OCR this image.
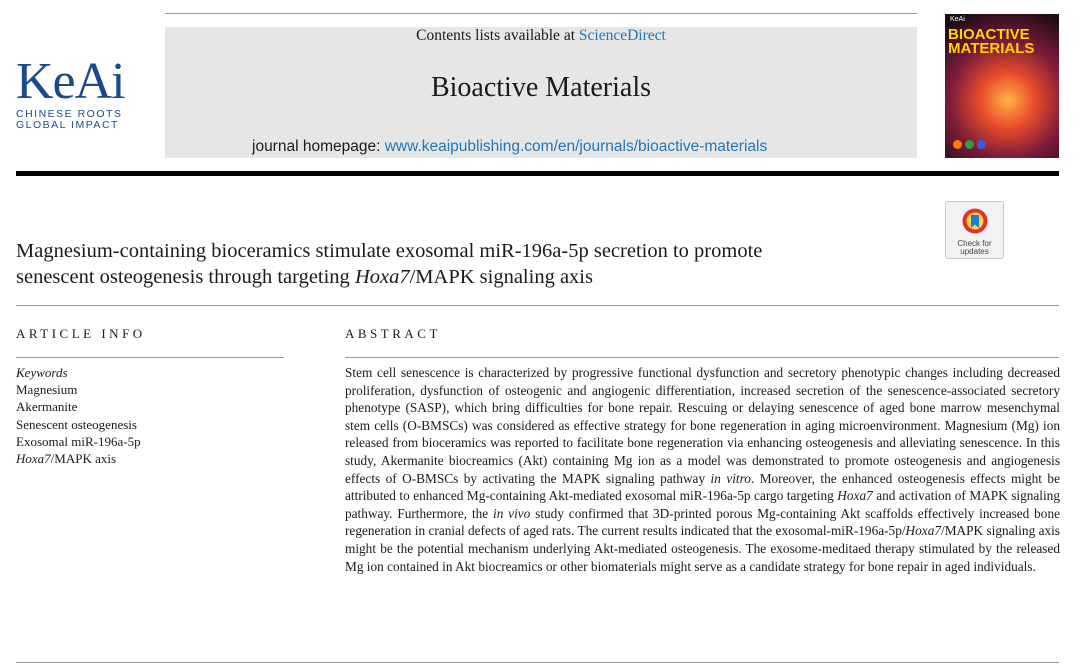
KeAi
CHINESE ROOTS
GLOBAL IMPACT
Contents lists available at ScienceDirect
Bioactive Materials
journal homepage: www.keaipublishing.com/en/journals/bioactive-materials
KeAi
BIOACTIVE
MATERIALS
Check for
updates
Magnesium-containing bioceramics stimulate exosomal miR-196a-5p secretion to promote
senescent osteogenesis through targeting Hoxa7/MAPK signaling axis
ARTICLE INFO	ABSTRACT
Keywords
Magnesium
Akermanite
Senescent osteogenesis
Exosomal miR-196a-5p
Hoxa7/MAPK axis
Stem cell senescence is characterized by progressive functional dysfunction and secretory phenotypic changes including decreased proliferation, dysfunction of osteogenic and angiogenic differentiation, increased secretion of the senescence-associated secretory phenotype (SASP), which bring difficulties for bone repair. Rescuing or delaying senescence of aged bone marrow mesenchymal stem cells (O-BMSCs) was considered as effective strategy for bone regeneration in aging microenvironment. Magnesium (Mg) ion released from bioceramics was reported to facilitate bone regeneration via enhancing osteogenesis and alleviating senescence. In this study, Akermanite biocreamics (Akt) containing Mg ion as a model was demonstrated to promote osteogenesis and angiogenesis effects of O-BMSCs by activating the MAPK signaling pathway in vitro. Moreover, the enhanced osteogenesis effects might be attributed to enhanced Mg-containing Akt-mediated exosomal miR-196a-5p cargo targeting Hoxa7 and activation of MAPK signaling pathway. Furthermore, the in vivo study confirmed that 3D-printed porous Mg-containing Akt scaffolds effectively increased bone regeneration in cranial defects of aged rats. The current results indicated that the exosomal-miR-196a-5p/Hoxa7/MAPK signaling axis might be the potential mechanism underlying Akt-mediated osteogenesis. The exosome-meditaed therapy stimulated by the released Mg ion contained in Akt biocreamics or other biomaterials might serve as a candidate strategy for bone repair in aged individuals.
